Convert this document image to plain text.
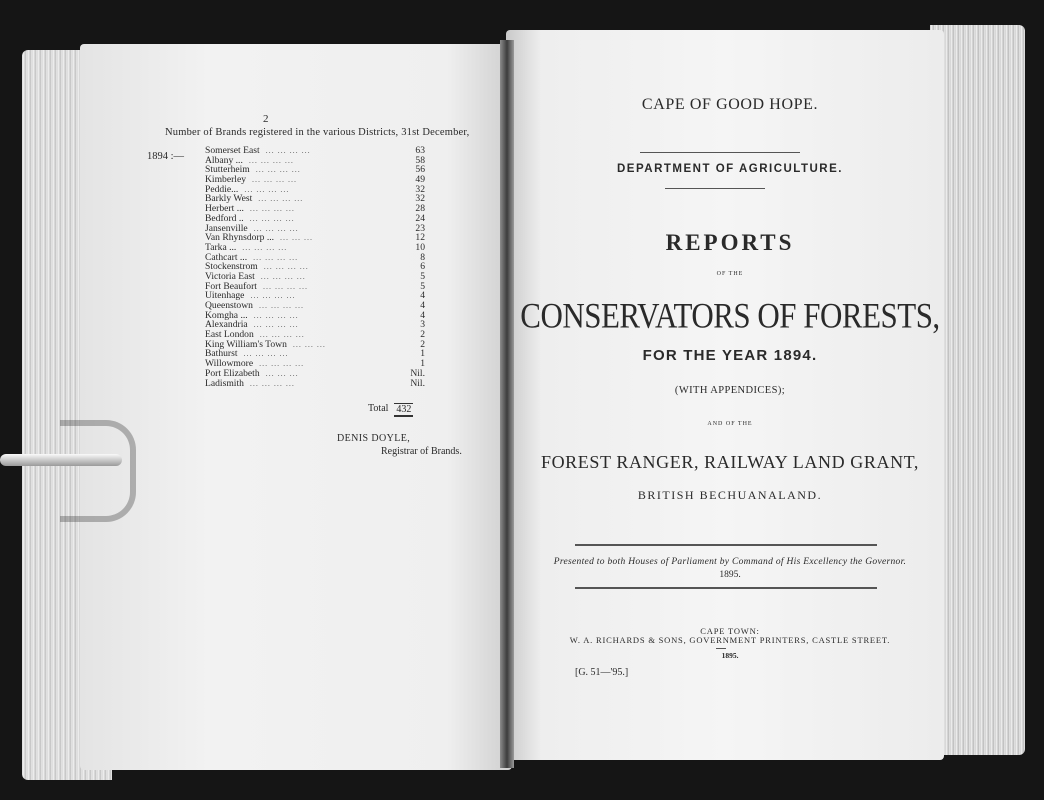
2
Number of Brands registered in the various Districts, 31st December,
1894 :—
Somerset East ... ... ... ...	63
Albany ... ... ... ... ...	58
Stutterheim ... ... ... ...	56
Kimberley ... ... ... ...	49
Peddie... ... ... ... ...	32
Barkly West ... ... ... ...	32
Herbert ... ... ... ... ...	28
Bedford .. ... ... ... ...	24
Jansenville ... ... ... ...	23
Van Rhynsdorp ... ... ... ...	12
Tarka ... ... ... ... ...	10
Cathcart ... ... ... ... ...	8
Stockenstrom ... ... ... ...	6
Victoria East ... ... ... ...	5
Fort Beaufort ... ... ... ...	5
Uitenhage ... ... ... ...	4
Queenstown ... ... ... ...	4
Komgha ... ... ... ... ...	4
Alexandria ... ... ... ...	3
East London ... ... ... ...	2
King William's Town ... ... ...	2
Bathurst ... ... ... ...	1
Willowmore ... ... ... ...	1
Port Elizabeth ... ... ...	Nil.
Ladismith ... ... ... ...	Nil.
Total 432
DENIS DOYLE,
Registrar of Brands.
CAPE OF GOOD HOPE.
DEPARTMENT OF AGRICULTURE.
REPORTS
OF THE
CONSERVATORS OF FORESTS,
FOR THE YEAR 1894.
(WITH APPENDICES);
AND OF THE
FOREST RANGER, RAILWAY LAND GRANT,
BRITISH BECHUANALAND.
Presented to both Houses of Parliament by Command of His Excellency the Governor.
1895.
CAPE TOWN:
W. A. RICHARDS & SONS, GOVERNMENT PRINTERS, CASTLE STREET.
1895.
[G. 51—'95.]
